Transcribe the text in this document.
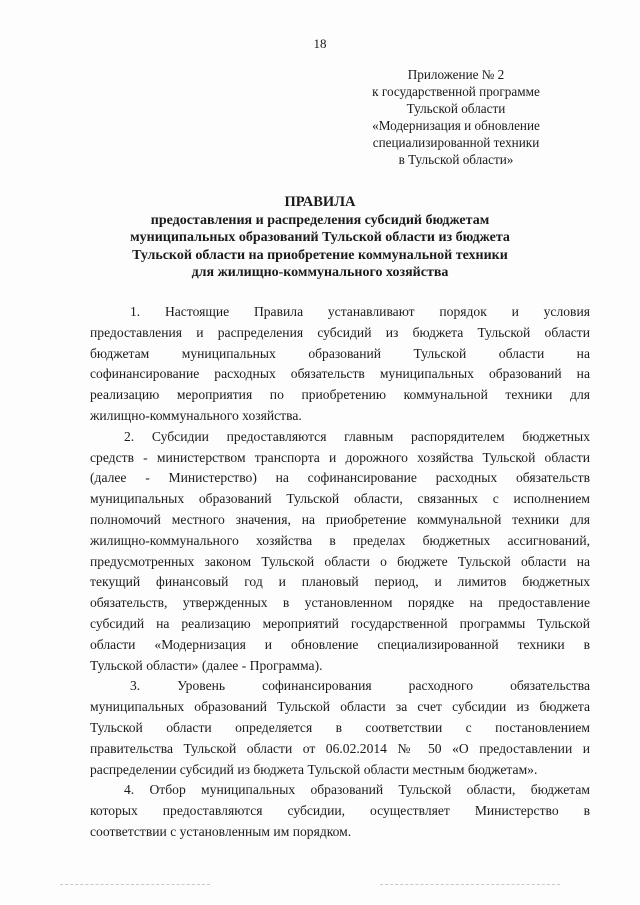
18
Приложение № 2
к государственной программе
Тульской области
«Модернизация и обновление
специализированной техники
в Тульской области»
ПРАВИЛА
предоставления и распределения субсидий бюджетам
муниципальных образований Тульской области из бюджета
Тульской области на приобретение коммунальной техники
для жилищно-коммунального хозяйства
1. Настоящие Правила устанавливают порядок и условия
предоставления и распределения субсидий из бюджета Тульской области
бюджетам муниципальных образований Тульской области на
софинансирование расходных обязательств муниципальных образований на
реализацию мероприятия по приобретению коммунальной техники для
жилищно-коммунального хозяйства.
2. Субсидии предоставляются главным распорядителем бюджетных
средств - министерством транспорта и дорожного хозяйства Тульской области
(далее - Министерство) на софинансирование расходных обязательств
муниципальных образований Тульской области, связанных с исполнением
полномочий местного значения, на приобретение коммунальной техники для
жилищно-коммунального хозяйства в пределах бюджетных ассигнований,
предусмотренных законом Тульской области о бюджете Тульской области на
текущий финансовый год и плановый период, и лимитов бюджетных
обязательств, утвержденных в установленном порядке на предоставление
субсидий на реализацию мероприятий государственной программы Тульской
области «Модернизация и обновление специализированной техники в
Тульской области» (далее - Программа).
3. Уровень софинансирования расходного обязательства
муниципальных образований Тульской области за счет субсидии из бюджета
Тульской области определяется в соответствии с постановлением
правительства Тульской области от 06.02.2014 № 50 «О предоставлении и
распределении субсидий из бюджета Тульской области местным бюджетам».
4. Отбор муниципальных образований Тульской области, бюджетам
которых предоставляются субсидии, осуществляет Министерство в
соответствии с установленным им порядком.
